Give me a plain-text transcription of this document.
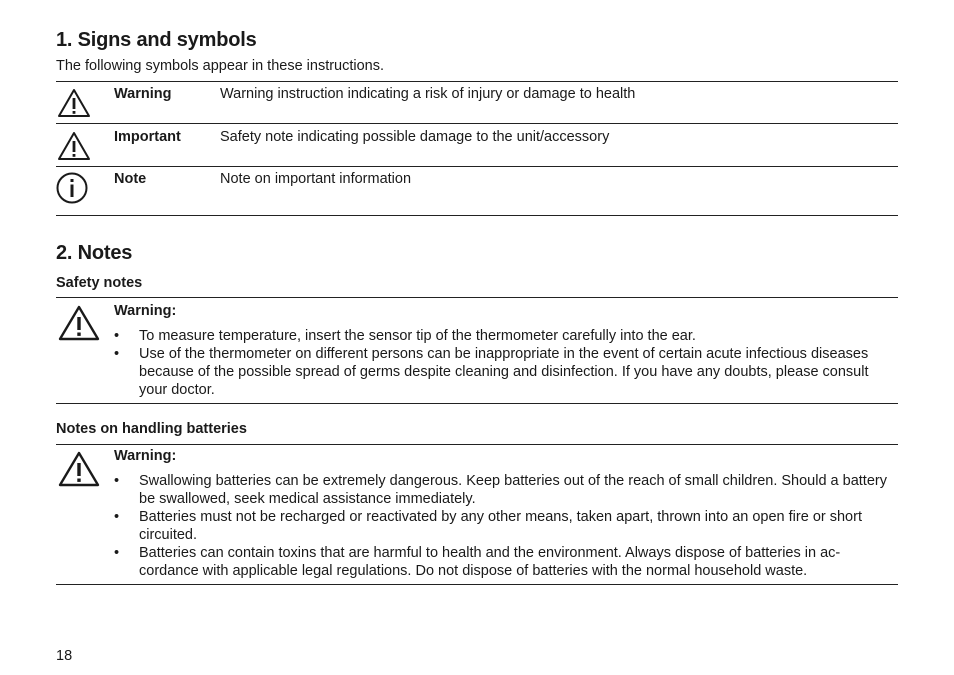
1. Signs and symbols
The following symbols appear in these instructions.
Warning	Warning instruction indicating a risk of injury or damage to health
Important	Safety note indicating possible damage to the unit/accessory
Note	Note on important information
2. Notes
Safety notes
Warning:
• To measure temperature, insert the sensor tip of the thermometer carefully into the ear.
• Use of the thermometer on different persons can be inappropriate in the event of certain acute infectious diseases because of the possible spread of germs despite cleaning and disinfection. If you have any doubts, please consult your doctor.
Notes on handling batteries
Warning:
• Swallowing batteries can be extremely dangerous. Keep batteries out of the reach of small children. Should a battery be swallowed, seek medical assistance immediately.
• Batteries must not be recharged or reactivated by any other means, taken apart, thrown into an open fire or short circuited.
• Batteries can contain toxins that are harmful to health and the environment. Always dispose of batteries in ac-cordance with applicable legal regulations. Do not dispose of batteries with the normal household waste.
18
